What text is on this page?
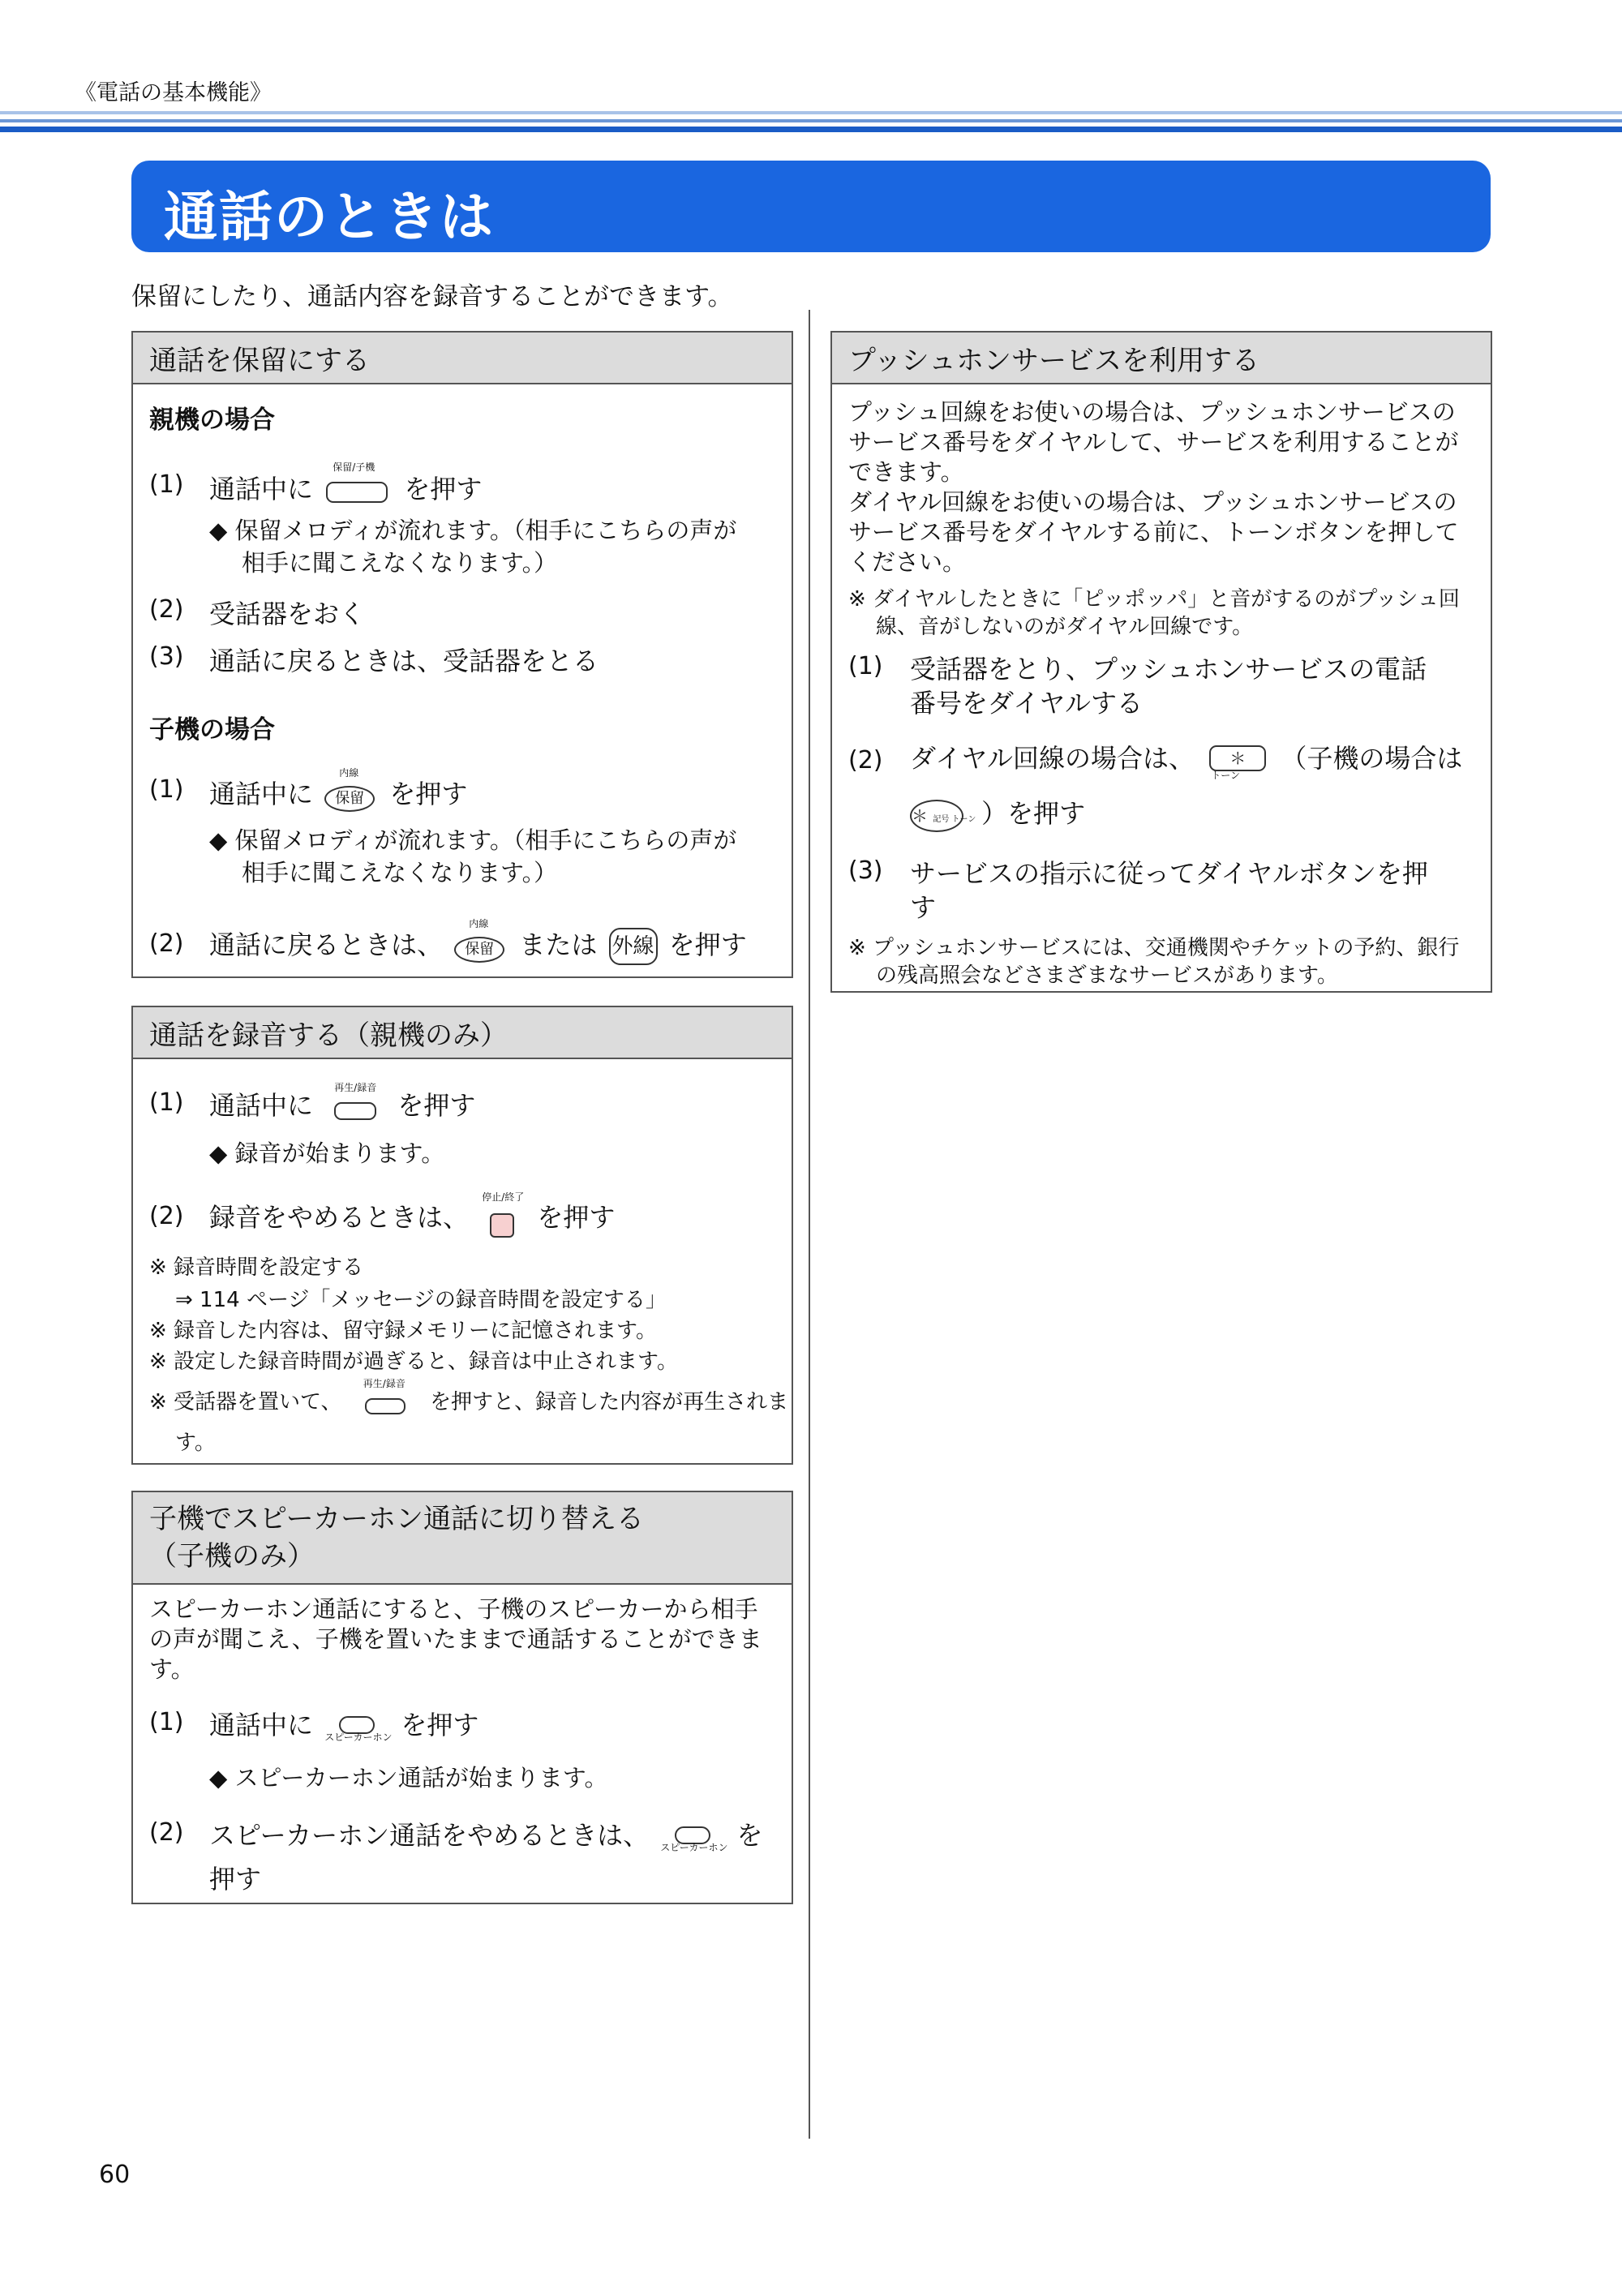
《電話の基本機能》
通話のときは
保留にしたり、通話内容を録音することができます。
通話を保留にする
親機の場合
(1) 通話中に
保留/子機
を押す
◆ 保留メロディが流れます。（相手にこちらの声が
相手に聞こえなくなります。）
(2) 受話器をおく
(3) 通話に戻るときは、受話器をとる
子機の場合
(1) 通話中に
内線
保留 を押す
◆ 保留メロディが流れます。（相手にこちらの声が
相手に聞こえなくなります。）
(2) 通話に戻るときは、
内線
保留 または 外線 を押す
通話を録音する（親機のみ）
(1) 通話中に
再生/録音
を押す
◆ 録音が始まります。
(2) 録音をやめるときは、
停止/終了
を押す
※ 録音時間を設定する
⇒ 114 ページ「メッセージの録音時間を設定する」
※ 録音した内容は、留守録メモリーに記憶されます。
※ 設定した録音時間が過ぎると、録音は中止されます。
※ 受話器を置いて、
再生/録音
を押すと、録音した内容が再生されま
す。
子機でスピーカーホン通話に切り替える
（子機のみ）
スピーカーホン通話にすると、子機のスピーカーから相手
の声が聞こえ、子機を置いたままで通話することができま
す。
(1) 通話中に スピーカーホン を押す
◆ スピーカーホン通話が始まります。
(2) スピーカーホン通話をやめるときは、 スピーカーホン を
押す
プッシュホンサービスを利用する
プッシュ回線をお使いの場合は、プッシュホンサービスの
サービス番号をダイヤルして、サービスを利用することが
できます。
ダイヤル回線をお使いの場合は、プッシュホンサービスの
サービス番号をダイヤルする前に、トーンボタンを押して
ください。
※ ダイヤルしたときに「ピッポッパ」と音がするのがプッシュ回
線、音がしないのがダイヤル回線です。
(1) 受話器をとり、プッシュホンサービスの電話
番号をダイヤルする
(2) ダイヤル回線の場合は、 ＊
トーン
（子機の場合は
＊ 記号 トーン ）を押す
(3) サービスの指示に従ってダイヤルボタンを押
す
※ プッシュホンサービスには、交通機関やチケットの予約、銀行
の残高照会などさまざまなサービスがあります。
60
